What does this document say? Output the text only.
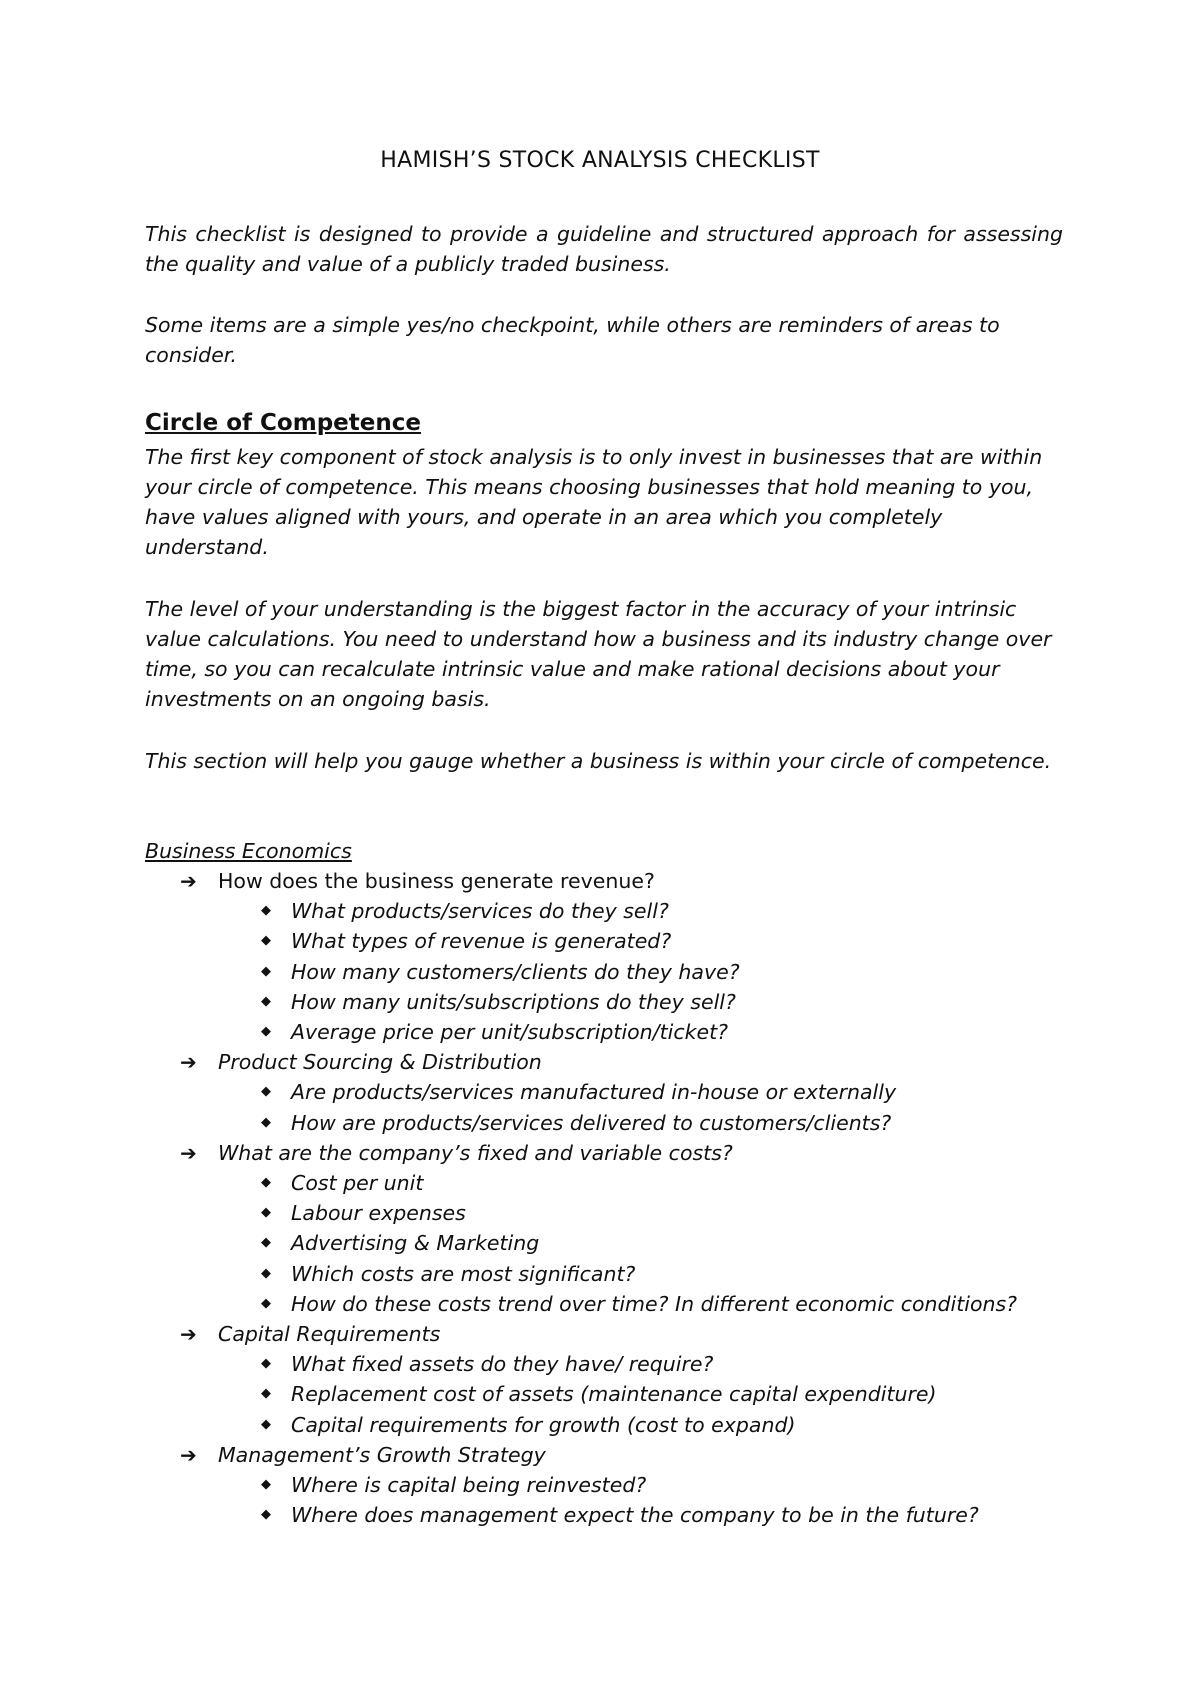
HAMISH’S STOCK ANALYSIS CHECKLIST

This checklist is designed to provide a guideline and structured approach for assessing the quality and value of a publicly traded business.

Some items are a simple yes/no checkpoint, while others are reminders of areas to consider.

Circle of Competence

The first key component of stock analysis is to only invest in businesses that are within your circle of competence. This means choosing businesses that hold meaning to you, have values aligned with yours, and operate in an area which you completely understand.

The level of your understanding is the biggest factor in the accuracy of your intrinsic value calculations. You need to understand how a business and its industry change over time, so you can recalculate intrinsic value and make rational decisions about your investments on an ongoing basis.

This section will help you gauge whether a business is within your circle of competence.

Business Economics
➔ How does the business generate revenue?
◆ What products/services do they sell?
◆ What types of revenue is generated?
◆ How many customers/clients do they have?
◆ How many units/subscriptions do they sell?
◆ Average price per unit/subscription/ticket?
➔ Product Sourcing & Distribution
◆ Are products/services manufactured in-house or externally
◆ How are products/services delivered to customers/clients?
➔ What are the company’s fixed and variable costs?
◆ Cost per unit
◆ Labour expenses
◆ Advertising & Marketing
◆ Which costs are most significant?
◆ How do these costs trend over time? In different economic conditions?
➔ Capital Requirements
◆ What fixed assets do they have/ require?
◆ Replacement cost of assets (maintenance capital expenditure)
◆ Capital requirements for growth (cost to expand)
➔ Management’s Growth Strategy
◆ Where is capital being reinvested?
◆ Where does management expect the company to be in the future?
